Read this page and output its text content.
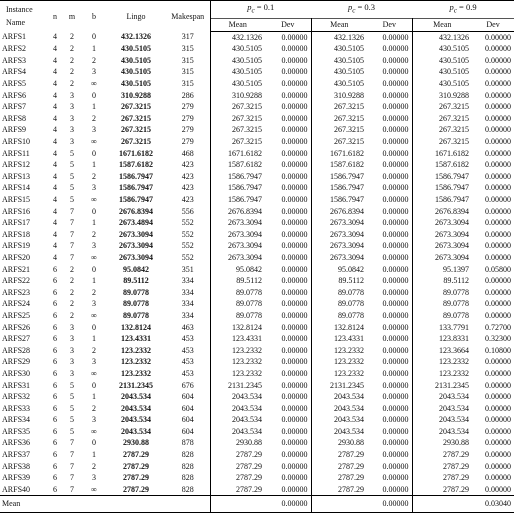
Instance
Name	n	m	b	Lingo	Makespan	$p_c = 0.1$		$p_c = 0.3$		$p_c = 0.9$	
						Mean	Dev	Mean	Dev	Mean	Dev
ARFS1	4	2	0	432.1326	317	432.1326	0.00000	432.1326	0.00000	432.1326	0.00000
ARFS2	4	2	1	430.5105	315	430.5105	0.00000	430.5105	0.00000	430.5105	0.00000
ARFS3	4	2	2	430.5105	315	430.5105	0.00000	430.5105	0.00000	430.5105	0.00000
ARFS4	4	2	3	430.5105	315	430.5105	0.00000	430.5105	0.00000	430.5105	0.00000
ARFS5	4	2	∞	430.5105	315	430.5105	0.00000	430.5105	0.00000	430.5105	0.00000
ARFS6	4	3	0	310.9288	286	310.9288	0.00000	310.9288	0.00000	310.9288	0.00000
ARFS7	4	3	1	267.3215	279	267.3215	0.00000	267.3215	0.00000	267.3215	0.00000
ARFS8	4	3	2	267.3215	279	267.3215	0.00000	267.3215	0.00000	267.3215	0.00000
ARFS9	4	3	3	267.3215	279	267.3215	0.00000	267.3215	0.00000	267.3215	0.00000
ARFS10	4	3	∞	267.3215	279	267.3215	0.00000	267.3215	0.00000	267.3215	0.00000
ARFS11	4	5	0	1671.6182	468	1671.6182	0.00000	1671.6182	0.00000	1671.6182	0.00000
ARFS12	4	5	1	1587.6182	423	1587.6182	0.00000	1587.6182	0.00000	1587.6182	0.00000
ARFS13	4	5	2	1586.7947	423	1586.7947	0.00000	1586.7947	0.00000	1586.7947	0.00000
ARFS14	4	5	3	1586.7947	423	1586.7947	0.00000	1586.7947	0.00000	1586.7947	0.00000
ARFS15	4	5	∞	1586.7947	423	1586.7947	0.00000	1586.7947	0.00000	1586.7947	0.00000
ARFS16	4	7	0	2676.8394	556	2676.8394	0.00000	2676.8394	0.00000	2676.8394	0.00000
ARFS17	4	7	1	2673.4894	552	2673.3094	0.00000	2673.3094	0.00000	2673.3094	0.00000
ARFS18	4	7	2	2673.3094	552	2673.3094	0.00000	2673.3094	0.00000	2673.3094	0.00000
ARFS19	4	7	3	2673.3094	552	2673.3094	0.00000	2673.3094	0.00000	2673.3094	0.00000
ARFS20	4	7	∞	2673.3094	552	2673.3094	0.00000	2673.3094	0.00000	2673.3094	0.00000
ARFS21	6	2	0	95.0842	351	95.0842	0.00000	95.0842	0.00000	95.1397	0.05800
ARFS22	6	2	1	89.5112	334	89.5112	0.00000	89.5112	0.00000	89.5112	0.00000
ARFS23	6	2	2	89.0778	334	89.0778	0.00000	89.0778	0.00000	89.0778	0.00000
ARFS24	6	2	3	89.0778	334	89.0778	0.00000	89.0778	0.00000	89.0778	0.00000
ARFS25	6	2	∞	89.0778	334	89.0778	0.00000	89.0778	0.00000	89.0778	0.00000
ARFS26	6	3	0	132.8124	463	132.8124	0.00000	132.8124	0.00000	133.7791	0.72700
ARFS27	6	3	1	123.4331	453	123.4331	0.00000	123.4331	0.00000	123.8331	0.32300
ARFS28	6	3	2	123.2332	453	123.2332	0.00000	123.2332	0.00000	123.3664	0.10800
ARFS29	6	3	3	123.2332	453	123.2332	0.00000	123.2332	0.00000	123.2332	0.00000
ARFS30	6	3	∞	123.2332	453	123.2332	0.00000	123.2332	0.00000	123.2332	0.00000
ARFS31	6	5	0	2131.2345	676	2131.2345	0.00000	2131.2345	0.00000	2131.2345	0.00000
ARFS32	6	5	1	2043.534	604	2043.534	0.00000	2043.534	0.00000	2043.534	0.00000
ARFS33	6	5	2	2043.534	604	2043.534	0.00000	2043.534	0.00000	2043.534	0.00000
ARFS34	6	5	3	2043.534	604	2043.534	0.00000	2043.534	0.00000	2043.534	0.00000
ARFS35	6	5	∞	2043.534	604	2043.534	0.00000	2043.534	0.00000	2043.534	0.00000
ARFS36	6	7	0	2930.88	878	2930.88	0.00000	2930.88	0.00000	2930.88	0.00000
ARFS37	6	7	1	2787.29	828	2787.29	0.00000	2787.29	0.00000	2787.29	0.00000
ARFS38	6	7	2	2787.29	828	2787.29	0.00000	2787.29	0.00000	2787.29	0.00000
ARFS39	6	7	3	2787.29	828	2787.29	0.00000	2787.29	0.00000	2787.29	0.00000
ARFS40	6	7	∞	2787.29	828	2787.29	0.00000	2787.29	0.00000	2787.29	0.00000
Mean							0.00000		0.00000		0.03040
